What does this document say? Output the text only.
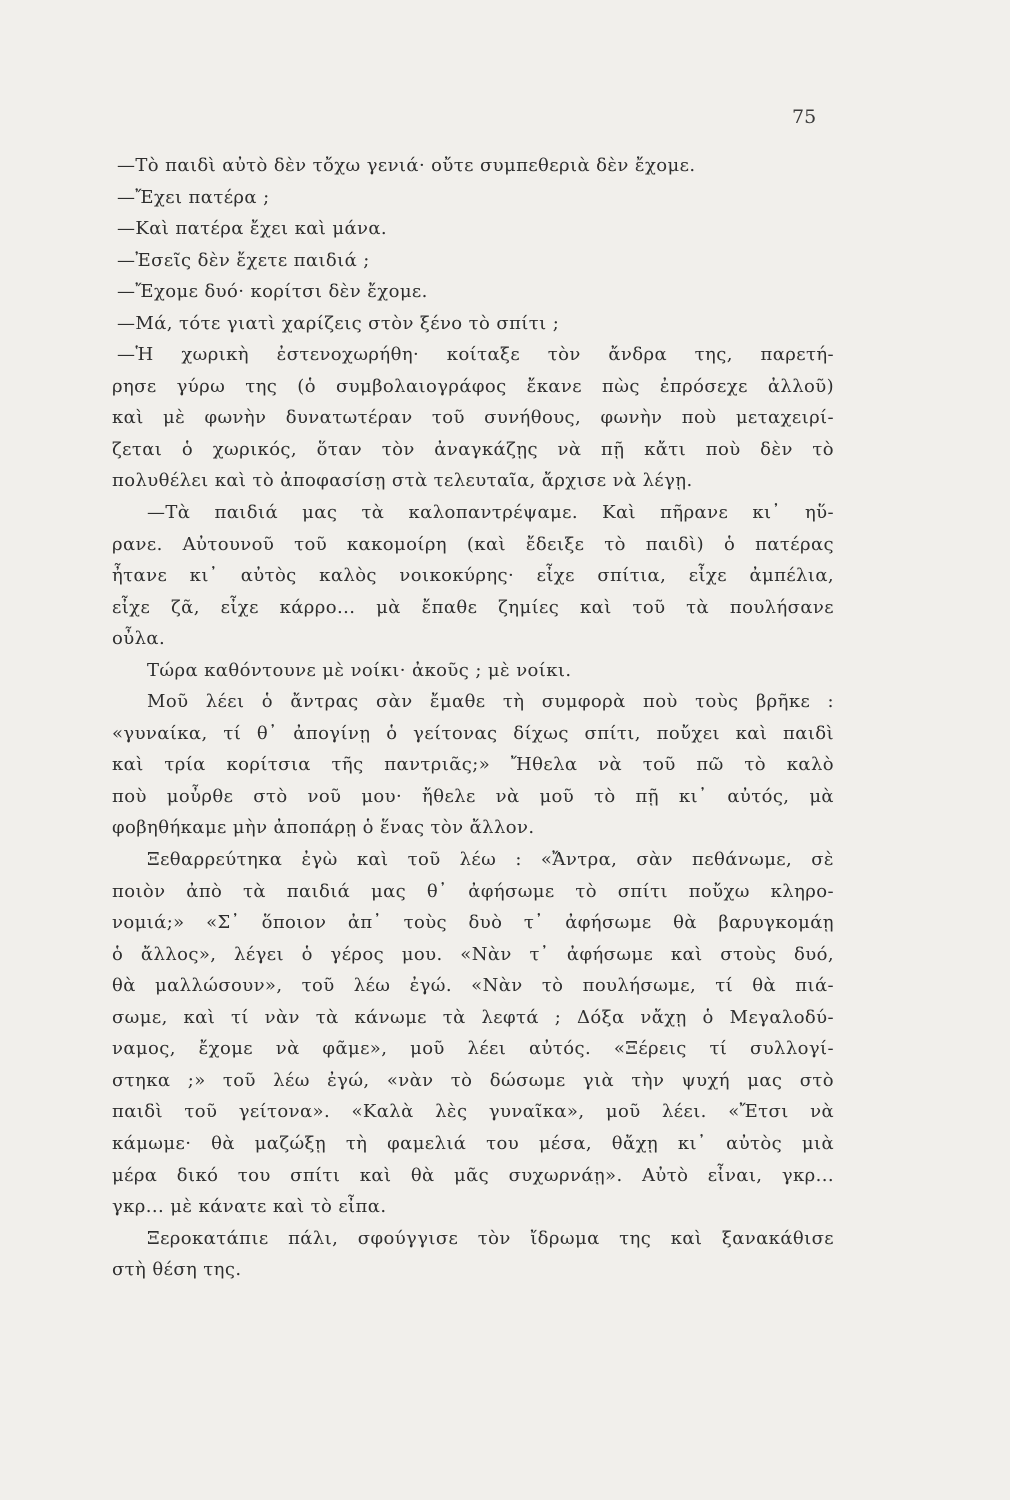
75
—Τὸ παιδὶ αὐτὸ δὲν τὄχω γενιά· οὔτε συμπεθεριὰ δὲν ἔχομε.
—Ἔχει πατέρα ;
—Καὶ πατέρα ἔχει καὶ μάνα.
—Ἐσεῖς δὲν ἔχετε παιδιά ;
—Ἔχομε δυό· κορίτσι δὲν ἔχομε.
—Μά, τότε γιατὶ χαρίζεις στὸν ξένο τὸ σπίτι ;
—Ἡ χωρικὴ ἐστενοχωρήθη· κοίταξε τὸν ἄνδρα της, παρετή-
ρησε γύρω της (ὁ συμβολαιογράφος ἔκανε πὼς ἐπρόσεχε ἀλλοῦ)
καὶ μὲ φωνὴν δυνατωτέραν τοῦ συνήθους, φωνὴν ποὺ μεταχειρί-
ζεται ὁ χωρικός, ὅταν τὸν ἀναγκάζῃς νὰ πῇ κἄτι ποὺ δὲν τὸ
πολυθέλει καὶ τὸ ἀποφασίσῃ στὰ τελευταῖα, ἄρχισε νὰ λέγῃ.
—Τὰ παιδιά μας τὰ καλοπαντρέψαμε. Καὶ πῆρανε κι᾿ ηὕ-
ρανε. Αὐτουνοῦ τοῦ κακομοίρη (καὶ ἔδειξε τὸ παιδὶ) ὁ πατέρας
ἦτανε κι᾿ αὐτὸς καλὸς νοικοκύρης· εἶχε σπίτια, εἶχε ἀμπέλια,
εἶχε ζᾶ, εἶχε κάρρο... μὰ ἔπαθε ζημίες καὶ τοῦ τὰ πουλήσανε
οὖλα.
Τώρα καθόντουνε μὲ νοίκι· ἀκοῦς ; μὲ νοίκι.
Μοῦ λέει ὁ ἄντρας σὰν ἔμαθε τὴ συμφορὰ ποὺ τοὺς βρῆκε :
«γυναίκα, τί θ᾿ ἀπογίνῃ ὁ γείτονας δίχως σπίτι, ποὔχει καὶ παιδὶ
καὶ τρία κορίτσια τῆς παντριᾶς;» Ἤθελα νὰ τοῦ πῶ τὸ καλὸ
ποὺ μοὖρθε στὸ νοῦ μου· ἤθελε νὰ μοῦ τὸ πῇ κι᾿ αὐτός, μὰ
φοβηθήκαμε μὴν ἀποπάρῃ ὁ ἕνας τὸν ἄλλον.
Ξεθαρρεύτηκα ἐγὼ καὶ τοῦ λέω : «Ἄντρα, σὰν πεθάνωμε, σὲ
ποιὸν ἀπὸ τὰ παιδιά μας θ᾿ ἀφήσωμε τὸ σπίτι ποὔχω κληρο-
νομιά;» «Σ᾿ ὅποιον ἀπ᾿ τοὺς δυὸ τ᾿ ἀφήσωμε θὰ βαρυγκομάῃ
ὁ ἄλλος», λέγει ὁ γέρος μου. «Νὰν τ᾿ ἀφήσωμε καὶ στοὺς δυό,
θὰ μαλλώσουν», τοῦ λέω ἐγώ. «Νὰν τὸ πουλήσωμε, τί θὰ πιά-
σωμε, καὶ τί νὰν τὰ κάνωμε τὰ λεφτά ; Δόξα νἄχῃ ὁ Μεγαλοδύ-
ναμος, ἔχομε νὰ φᾶμε», μοῦ λέει αὐτός. «Ξέρεις τί συλλογί-
στηκα ;» τοῦ λέω ἐγώ, «νὰν τὸ δώσωμε γιὰ τὴν ψυχή μας στὸ
παιδὶ τοῦ γείτονα». «Καλὰ λὲς γυναῖκα», μοῦ λέει. «Ἔτσι νὰ
κάμωμε· θὰ μαζώξῃ τὴ φαμελιά του μέσα, θἄχῃ κι᾿ αὐτὸς μιὰ
μέρα δικό του σπίτι καὶ θὰ μᾶς συχωρνάῃ». Αὐτὸ εἶναι, γκρ...
γκρ... μὲ κάνατε καὶ τὸ εἶπα.
Ξεροκατάπιε πάλι, σφούγγισε τὸν ἴδρωμα της καὶ ξανακάθισε
στὴ θέση της.
